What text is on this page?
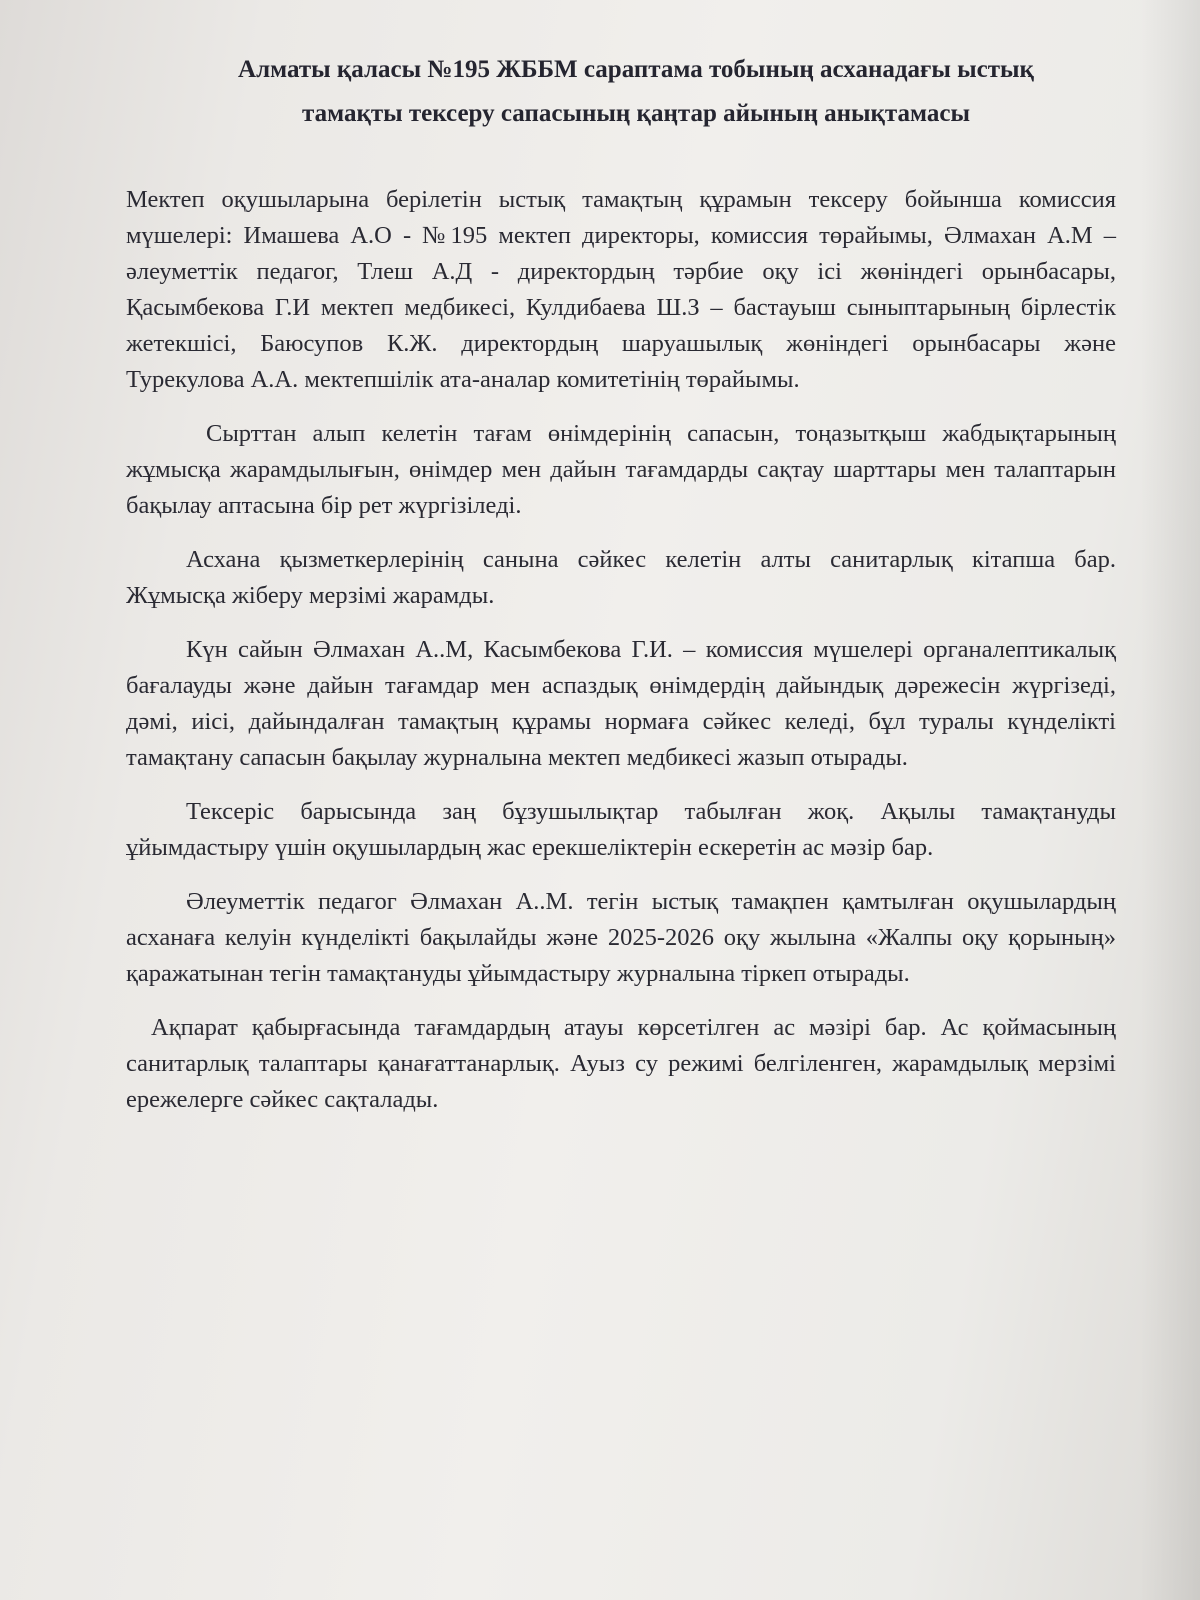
Алматы қаласы №195 ЖББМ сараптама тобының асханадағы ыстық
тамақты тексеру сапасының қаңтар айының анықтамасы

Мектеп оқушыларына берілетін ыстық тамақтың құрамын тексеру бойынша комиссия мүшелері: Имашева А.О - №195 мектеп директоры, комиссия төрайымы, Әлмахан А.М – әлеуметтік педагог, Тлеш А.Д - директордың тәрбие оқу ісі жөніндегі орынбасары, Қасымбекова Г.И мектеп медбикесі, Кулдибаева Ш.З – бастауыш сыныптарының бірлестік жетекшісі, Баюсупов К.Ж. директордың шаруашылық жөніндегі орынбасары және Турекулова А.А. мектепшілік ата-аналар комитетінің төрайымы.

Сырттан алып келетін тағам өнімдерінің сапасын, тоңазытқыш жабдықтарының жұмысқа жарамдылығын, өнімдер мен дайын тағамдарды сақтау шарттары мен талаптарын бақылау аптасына бір рет жүргізіледі.

Асхана қызметкерлерінің санына сәйкес келетін алты санитарлық кітапша бар. Жұмысқа жіберу мерзімі жарамды.

Күн сайын Әлмахан А..М, Касымбекова Г.И. – комиссия мүшелері органалептикалық бағалауды және дайын тағамдар мен аспаздық өнімдердің дайындық дәрежесін жүргізеді, дәмі, иісі, дайындалған тамақтың құрамы нормаға сәйкес келеді, бұл туралы күнделікті тамақтану сапасын бақылау журналына мектеп медбикесі жазып отырады.

Тексеріс барысында заң бұзушылықтар табылған жоқ. Ақылы тамақтануды ұйымдастыру үшін оқушылардың жас ерекшеліктерін ескеретін ас мәзір бар.

Әлеуметтік педагог Әлмахан А..М. тегін ыстық тамақпен қамтылған оқушылардың асханаға келуін күнделікті бақылайды және 2025-2026 оқу жылына «Жалпы оқу қорының» қаражатынан тегін тамақтануды ұйымдастыру журналына тіркеп отырады.

Ақпарат қабырғасында тағамдардың атауы көрсетілген ас мәзірі бар. Ас қоймасының санитарлық талаптары қанағаттанарлық. Ауыз су режимі белгіленген, жарамдылық мерзімі ережелерге сәйкес сақталады.
